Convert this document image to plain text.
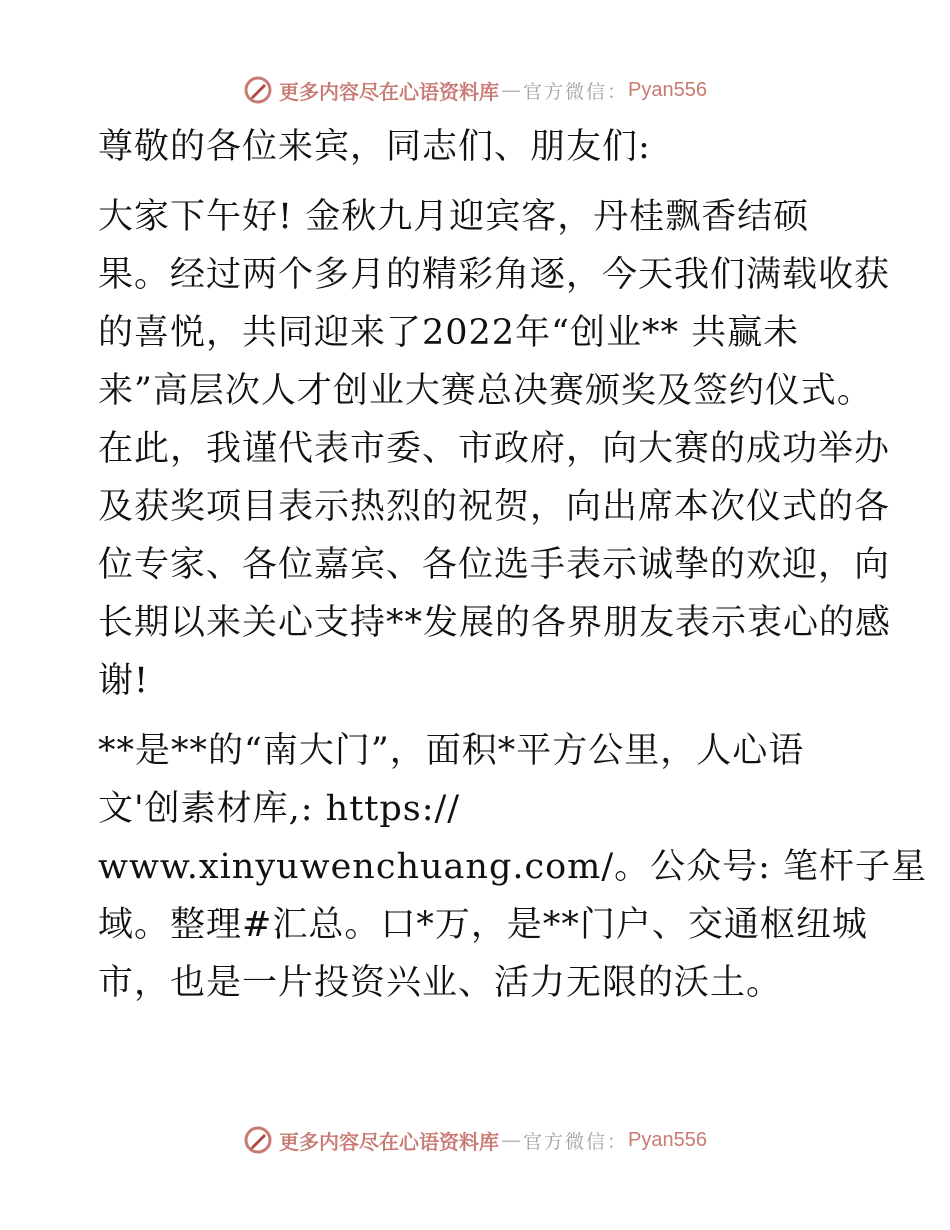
更多内容尽在心语资料库 — 官方微信： Pyan556
尊敬的各位来宾，同志们、朋友们:
大家下午好! 金秋九月迎宾客，丹桂飘香结硕
果。经过两个多月的精彩角逐，今天我们满载收获
的喜悦，共同迎来了2022年“创业** 共赢未
来”高层次人才创业大赛总决赛颁奖及签约仪式。
在此，我谨代表市委、市政府，向大赛的成功举办
及获奖项目表示热烈的祝贺，向出席本次仪式的各
位专家、各位嘉宾、各位选手表示诚挚的欢迎，向
长期以来关心支持**发展的各界朋友表示衷心的感
谢!
**是**的“南大门”，面积*平方公里，人心语
文'创素材库,: https://
www.xinyuwenchuang.com/。公众号: 笔杆子星
域。整理#汇总。口*万，是**门户、交通枢纽城
市，也是一片投资兴业、活力无限的沃土。
更多内容尽在心语资料库 — 官方微信： Pyan556
